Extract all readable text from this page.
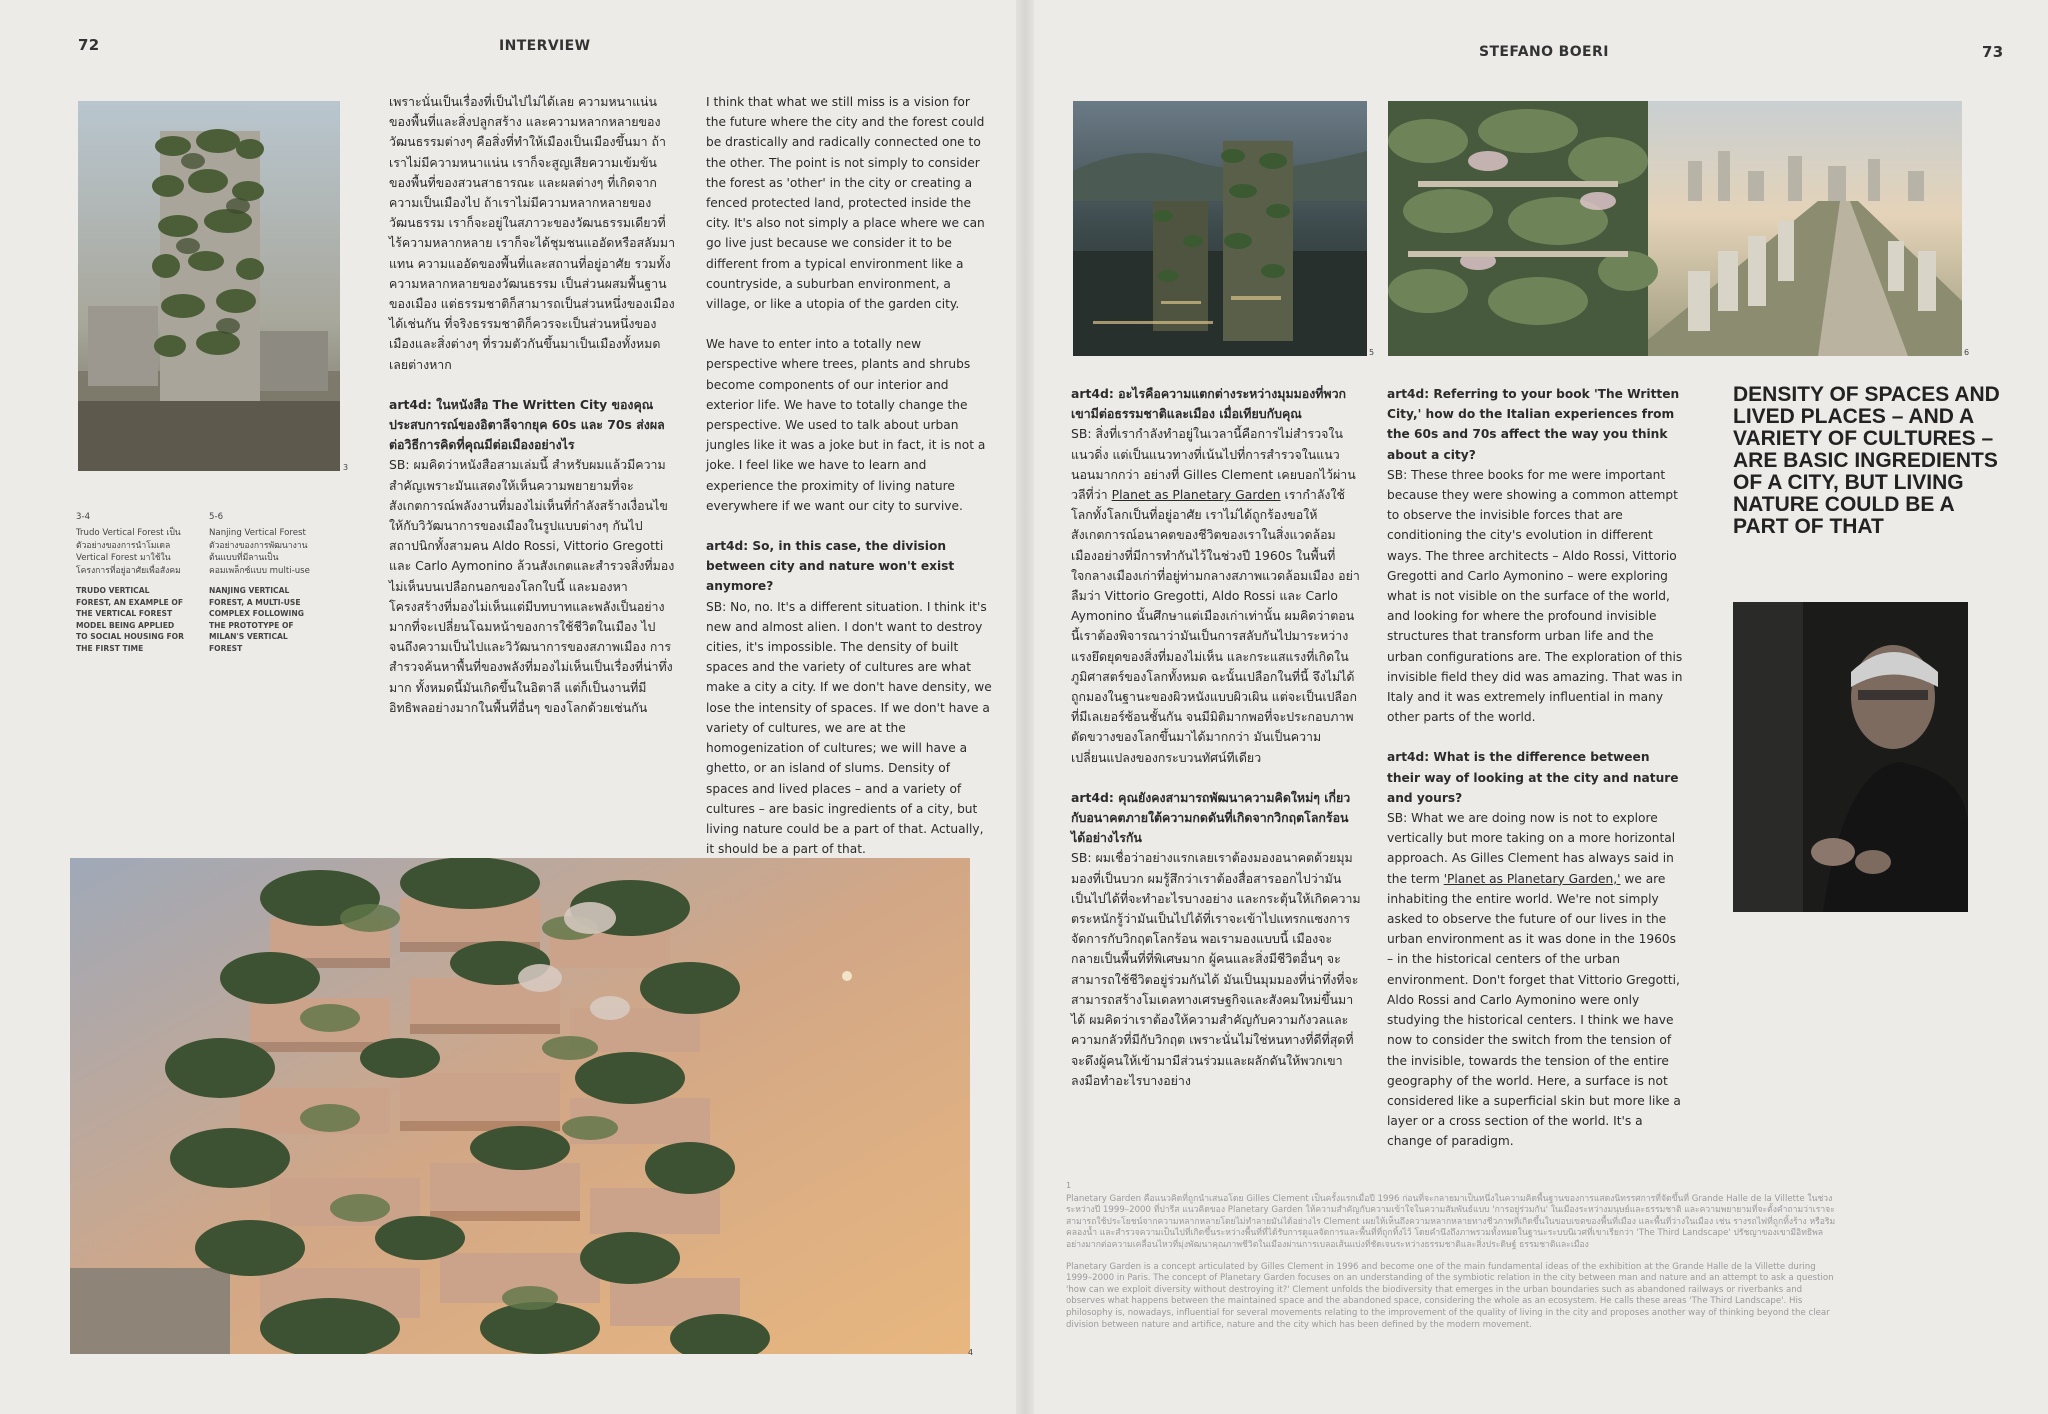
72	INTERVIEW
3
3-4
Trudo Vertical Forest เป็นตัวอย่างของการนำโมเดล Vertical Forest มาใช้ในโครงการที่อยู่อาศัยเพื่อสังคม
TRUDO VERTICAL FOREST, AN EXAMPLE OF THE VERTICAL FOREST MODEL BEING APPLIED TO SOCIAL HOUSING FOR THE FIRST TIME
5-6
Nanjing Vertical Forest ตัวอย่างของการพัฒนางานต้นแบบที่มีลานเป็นคอมเพล็กซ์แบบ multi-use
NANJING VERTICAL FOREST, A MULTI-USE COMPLEX FOLLOWING THE PROTOTYPE OF MILAN'S VERTICAL FOREST

เพราะนั่นเป็นเรื่องที่เป็นไปไม่ได้เลย ความหนาแน่นของพื้นที่และสิ่งปลูกสร้าง และความหลากหลายของวัฒนธรรมต่างๆ คือสิ่งที่ทำให้เมืองเป็นเมืองขึ้นมา ถ้าเราไม่มีความหนาแน่น เราก็จะสูญเสียความเข้มข้นของพื้นที่ของสวนสาธารณะ และผลต่างๆ ที่เกิดจากความเป็นเมืองไป ถ้าเราไม่มีความหลากหลายของวัฒนธรรม เราก็จะอยู่ในสภาวะของวัฒนธรรมเดียวที่ไร้ความหลากหลาย เราก็จะได้ชุมชนแออัดหรือสลัมมาแทน ความแออัดของพื้นที่และสถานที่อยู่อาศัย รวมทั้งความหลากหลายของวัฒนธรรม เป็นส่วนผสมพื้นฐานของเมือง แต่ธรรมชาติก็สามารถเป็นส่วนหนึ่งของเมืองได้เช่นกัน ที่จริงธรรมชาติก็ควรจะเป็นส่วนหนึ่งของเมืองและสิ่งต่างๆ ที่รวมตัวกันขึ้นมาเป็นเมืองทั้งหมดเลยต่างหาก

art4d: ในหนังสือ The Written City ของคุณ ประสบการณ์ของอิตาลีจากยุค 60s และ 70s ส่งผลต่อวิธีการคิดที่คุณมีต่อเมืองอย่างไร

SB: ผมคิดว่าหนังสือสามเล่มนี้ สำหรับผมแล้วมีความสำคัญเพราะมันแสดงให้เห็นความพยายามที่จะสังเกตการณ์พลังงานที่มองไม่เห็นที่กำลังสร้างเงื่อนไขให้กับวิวัฒนาการของเมืองในรูปแบบต่างๆ กันไป สถาปนิกทั้งสามคน Aldo Rossi, Vittorio Gregotti และ Carlo Aymonino ล้วนสังเกตและสำรวจสิ่งที่มองไม่เห็นบนเปลือกนอกของโลกใบนี้ และมองหาโครงสร้างที่มองไม่เห็นแต่มีบทบาทและพลังเป็นอย่างมากที่จะเปลี่ยนโฉมหน้าของการใช้ชีวิตในเมือง ไปจนถึงความเป็นไปและวิวัฒนาการของสภาพเมือง การสำรวจค้นหาพื้นที่ของพลังที่มองไม่เห็นเป็นเรื่องที่น่าทึ่งมาก ทั้งหมดนี้มันเกิดขึ้นในอิตาลี แต่ก็เป็นงานที่มีอิทธิพลอย่างมากในพื้นที่อื่นๆ ของโลกด้วยเช่นกัน

I think that what we still miss is a vision for the future where the city and the forest could be drastically and radically connected one to the other. The point is not simply to consider the forest as 'other' in the city or creating a fenced protected land, protected inside the city. It's also not simply a place where we can go live just because we consider it to be different from a typical environment like a countryside, a suburban environment, a village, or like a utopia of the garden city.

We have to enter into a totally new perspective where trees, plants and shrubs become components of our interior and exterior life. We have to totally change the perspective. We used to talk about urban jungles like it was a joke but in fact, it is not a joke. I feel like we have to learn and experience the proximity of living nature everywhere if we want our city to survive.

art4d: So, in this case, the division between city and nature won't exist anymore?

SB: No, no. It's a different situation. I think it's new and almost alien. I don't want to destroy cities, it's impossible. The density of built spaces and the variety of cultures are what make a city a city. If we don't have density, we lose the intensity of spaces. If we don't have a variety of cultures, we are at the homogenization of cultures; we will have a ghetto, or an island of slums. Density of spaces and lived places – and a variety of cultures – are basic ingredients of a city, but living nature could be a part of that. Actually, it should be a part of that.

4
STEFANO BOERI	73
5	6

art4d: อะไรคือความแตกต่างระหว่างมุมมองที่พวกเขามีต่อธรรมชาติและเมือง เมื่อเทียบกับคุณ

SB: สิ่งที่เรากำลังทำอยู่ในเวลานี้คือการไม่สำรวจในแนวดิ่ง แต่เป็นแนวทางที่เน้นไปที่การสำรวจในแนวนอนมากกว่า อย่างที่ Gilles Clement เคยบอกไว้ผ่านวลีที่ว่า Planet as Planetary Garden เรากำลังใช้โลกทั้งโลกเป็นที่อยู่อาศัย เราไม่ได้ถูกร้องขอให้สังเกตการณ์อนาคตของชีวิตของเราในสิ่งแวดล้อมเมืองอย่างที่มีการทำกันไว้ในช่วงปี 1960s ในพื้นที่ใจกลางเมืองเก่าที่อยู่ท่ามกลางสภาพแวดล้อมเมือง อย่าลืมว่า Vittorio Gregotti, Aldo Rossi และ Carlo Aymonino นั้นศึกษาแต่เมืองเก่าเท่านั้น ผมคิดว่าตอนนี้เราต้องพิจารณาว่ามันเป็นการสลับกันไปมาระหว่างแรงยึดยุดของสิ่งที่มองไม่เห็น และกระแสแรงที่เกิดในภูมิศาสตร์ของโลกทั้งหมด ฉะนั้นเปลือกในที่นี้ จึงไม่ได้ถูกมองในฐานะของผิวหนังแบบผิวเผิน แต่จะเป็นเปลือกที่มีเลเยอร์ซ้อนชั้นกัน จนมีมิติมากพอที่จะประกอบภาพตัดขวางของโลกขึ้นมาได้มากกว่า มันเป็นความเปลี่ยนแปลงของกระบวนทัศน์ทีเดียว

art4d: คุณยังคงสามารถพัฒนาความคิดใหม่ๆ เกี่ยวกับอนาคตภายใต้ความกดดันที่เกิดจากวิกฤตโลกร้อนได้อย่างไรกัน

SB: ผมเชื่อว่าอย่างแรกเลยเราต้องมองอนาคตด้วยมุมมองที่เป็นบวก ผมรู้สึกว่าเราต้องสื่อสารออกไปว่ามันเป็นไปได้ที่จะทำอะไรบางอย่าง และกระตุ้นให้เกิดความตระหนักรู้ว่ามันเป็นไปได้ที่เราจะเข้าไปแทรกแซงการจัดการกับวิกฤตโลกร้อน พอเรามองแบบนี้ เมืองจะกลายเป็นพื้นที่ที่พิเศษมาก ผู้คนและสิ่งมีชีวิตอื่นๆ จะสามารถใช้ชีวิตอยู่ร่วมกันได้ มันเป็นมุมมองที่น่าทึ่งที่จะสามารถสร้างโมเดลทางเศรษฐกิจและสังคมใหม่ขึ้นมาได้ ผมคิดว่าเราต้องให้ความสำคัญกับความกังวลและความกลัวที่มีกับวิกฤต เพราะนั่นไม่ใช่หนทางที่ดีที่สุดที่จะดึงผู้คนให้เข้ามามีส่วนร่วมและผลักดันให้พวกเขาลงมือทำอะไรบางอย่าง

art4d: Referring to your book 'The Written City,' how do the Italian experiences from the 60s and 70s affect the way you think about a city?

SB: These three books for me were important because they were showing a common attempt to observe the invisible forces that are conditioning the city's evolution in different ways. The three architects – Aldo Rossi, Vittorio Gregotti and Carlo Aymonino – were exploring what is not visible on the surface of the world, and looking for where the profound invisible structures that transform urban life and the urban configurations are. The exploration of this invisible field they did was amazing. That was in Italy and it was extremely influential in many other parts of the world.

art4d: What is the difference between their way of looking at the city and nature and yours?

SB: What we are doing now is not to explore vertically but more taking on a more horizontal approach. As Gilles Clement has always said in the term 'Planet as Planetary Garden,' we are inhabiting the entire world. We're not simply asked to observe the future of our lives in the urban environment as it was done in the 1960s – in the historical centers of the urban environment. Don't forget that Vittorio Gregotti, Aldo Rossi and Carlo Aymonino were only studying the historical centers. I think we have now to consider the switch from the tension of the invisible, towards the tension of the entire geography of the world. Here, a surface is not considered like a superficial skin but more like a layer or a cross section of the world. It's a change of paradigm.

DENSITY OF SPACES AND LIVED PLACES – AND A VARIETY OF CULTURES – ARE BASIC INGREDIENTS OF A CITY, BUT LIVING NATURE COULD BE A PART OF THAT
1
Planetary Garden คือแนวคิดที่ถูกนำเสนอโดย Gilles Clement เป็นครั้งแรกเมื่อปี 1996 ก่อนที่จะกลายมาเป็นหนึ่งในความคิดพื้นฐานของการแสดงนิทรรศการที่จัดขึ้นที่ Grande Halle de la Villette ในช่วงระหว่างปี 1999–2000 ที่ปารีส แนวคิดของ Planetary Garden ให้ความสำคัญกับความเข้าใจในความสัมพันธ์แบบ 'การอยู่ร่วมกัน' ในเมืองระหว่างมนุษย์และธรรมชาติ และความพยายามที่จะตั้งคำถามว่าเราจะสามารถใช้ประโยชน์จากความหลากหลายโดยไม่ทำลายมันได้อย่างไร Clement เผยให้เห็นถึงความหลากหลายทางชีวภาพที่เกิดขึ้นในขอบเขตของพื้นที่เมือง และพื้นที่ว่างในเมือง เช่น รางรถไฟที่ถูกทิ้งร้าง หรือริมคลองน้ำ และสำรวจความเป็นไปที่เกิดขึ้นระหว่างพื้นที่ที่ได้รับการดูแลจัดการและพื้นที่ที่ถูกทิ้งไว้ โดยคำนึงถึงภาพรวมทั้งหมดในฐานะระบบนิเวศที่เขาเรียกว่า 'The Third Landscape' ปรัชญาของเขามีอิทธิพลอย่างมากต่อความเคลื่อนไหวที่มุ่งพัฒนาคุณภาพชีวิตในเมืองผ่านการเบลอเส้นแบ่งที่ชัดเจนระหว่างธรรมชาติและสิ่งประดิษฐ์ ธรรมชาติและเมือง
Planetary Garden is a concept articulated by Gilles Clement in 1996 and become one of the main fundamental ideas of the exhibition at the Grande Halle de la Villette during 1999–2000 in Paris. The concept of Planetary Garden focuses on an understanding of the symbiotic relation in the city between man and nature and an attempt to ask a question 'how can we exploit diversity without destroying it?' Clement unfolds the biodiversity that emerges in the urban boundaries such as abandoned railways or riverbanks and observes what happens between the maintained space and the abandoned space, considering the whole as an ecosystem. He calls these areas 'The Third Landscape'. His philosophy is, nowadays, influential for several movements relating to the improvement of the quality of living in the city and proposes another way of thinking beyond the clear division between nature and artifice, nature and the city which has been defined by the modern movement.
